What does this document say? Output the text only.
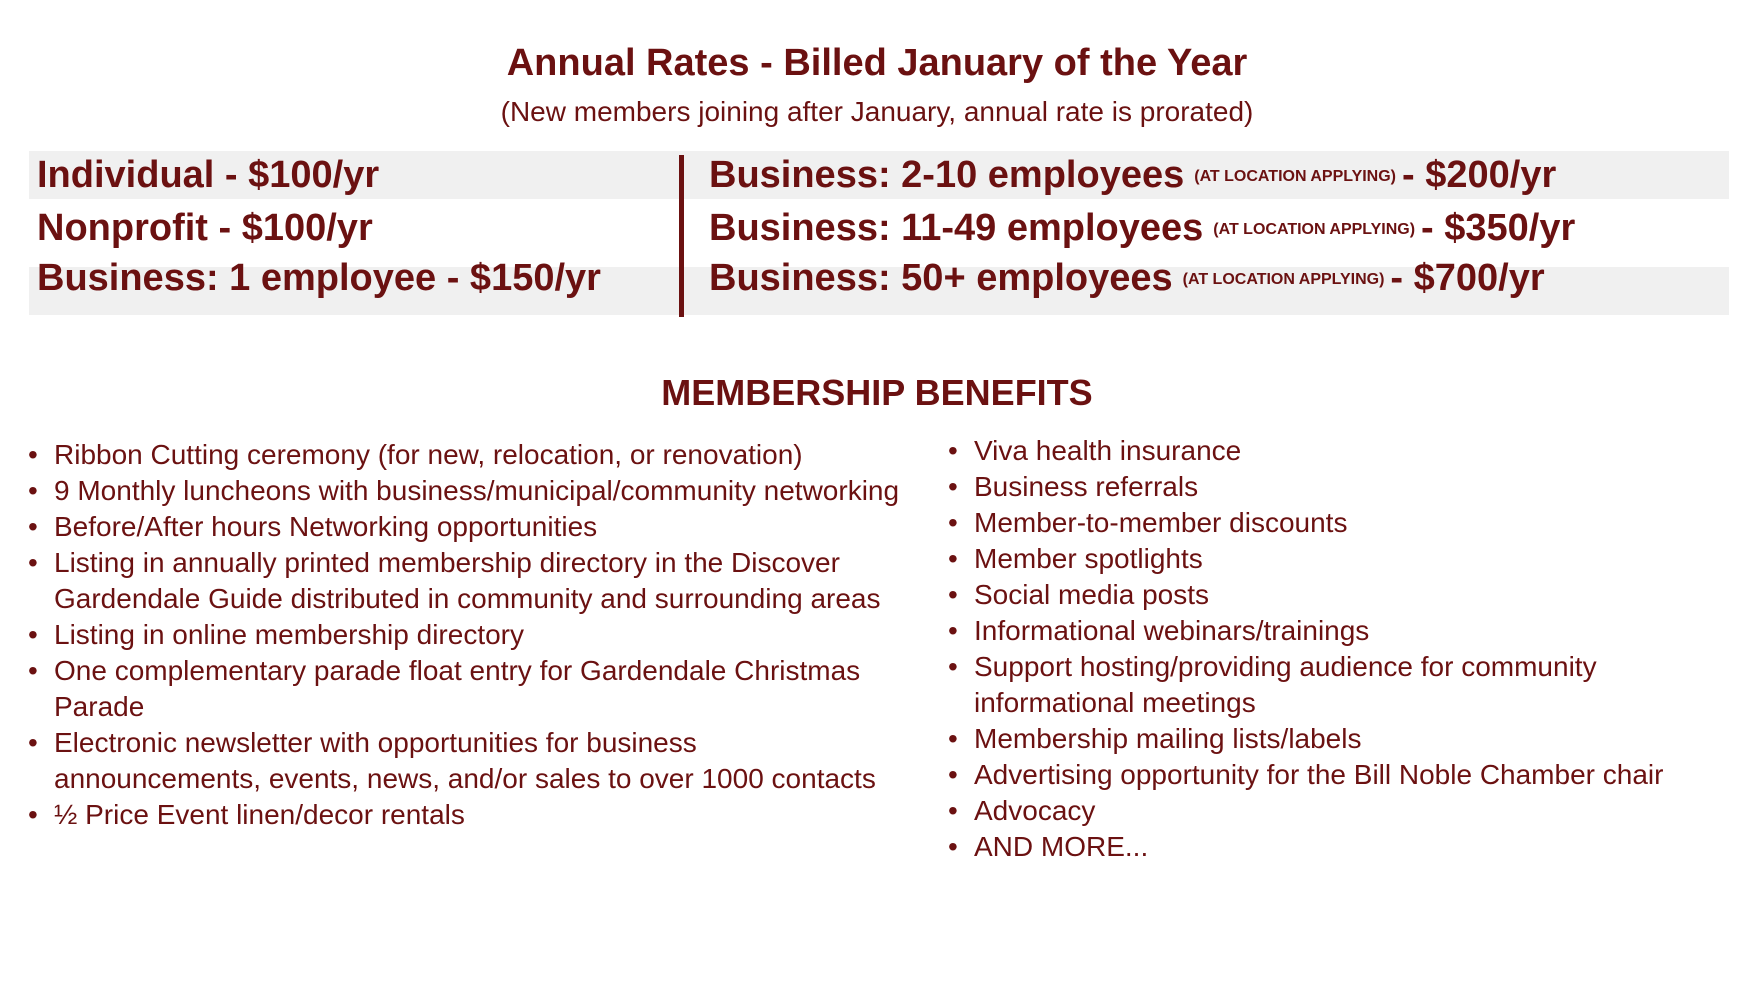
Annual Rates - Billed January of the Year
(New members joining after January, annual rate is prorated)
Individual - $100/yr
Nonprofit - $100/yr
Business: 1 employee - $150/yr
Business: 2-10 employees (AT LOCATION APPLYING) - $200/yr
Business: 11-49 employees (AT LOCATION APPLYING) - $350/yr
Business: 50+ employees (AT LOCATION APPLYING) - $700/yr
MEMBERSHIP BENEFITS
• Ribbon Cutting ceremony (for new, relocation, or renovation)
• 9 Monthly luncheons with business/municipal/community networking
• Before/After hours Networking opportunities
• Listing in annually printed membership directory in the Discover Gardendale Guide distributed in community and surrounding areas
• Listing in online membership directory
• One complementary parade float entry for Gardendale Christmas Parade
• Electronic newsletter with opportunities for business announcements, events, news, and/or sales to over 1000 contacts
• ½ Price Event linen/decor rentals
• Viva health insurance
• Business referrals
• Member-to-member discounts
• Member spotlights
• Social media posts
• Informational webinars/trainings
• Support hosting/providing audience for community informational meetings
• Membership mailing lists/labels
• Advertising opportunity for the Bill Noble Chamber chair
• Advocacy
• AND MORE...
